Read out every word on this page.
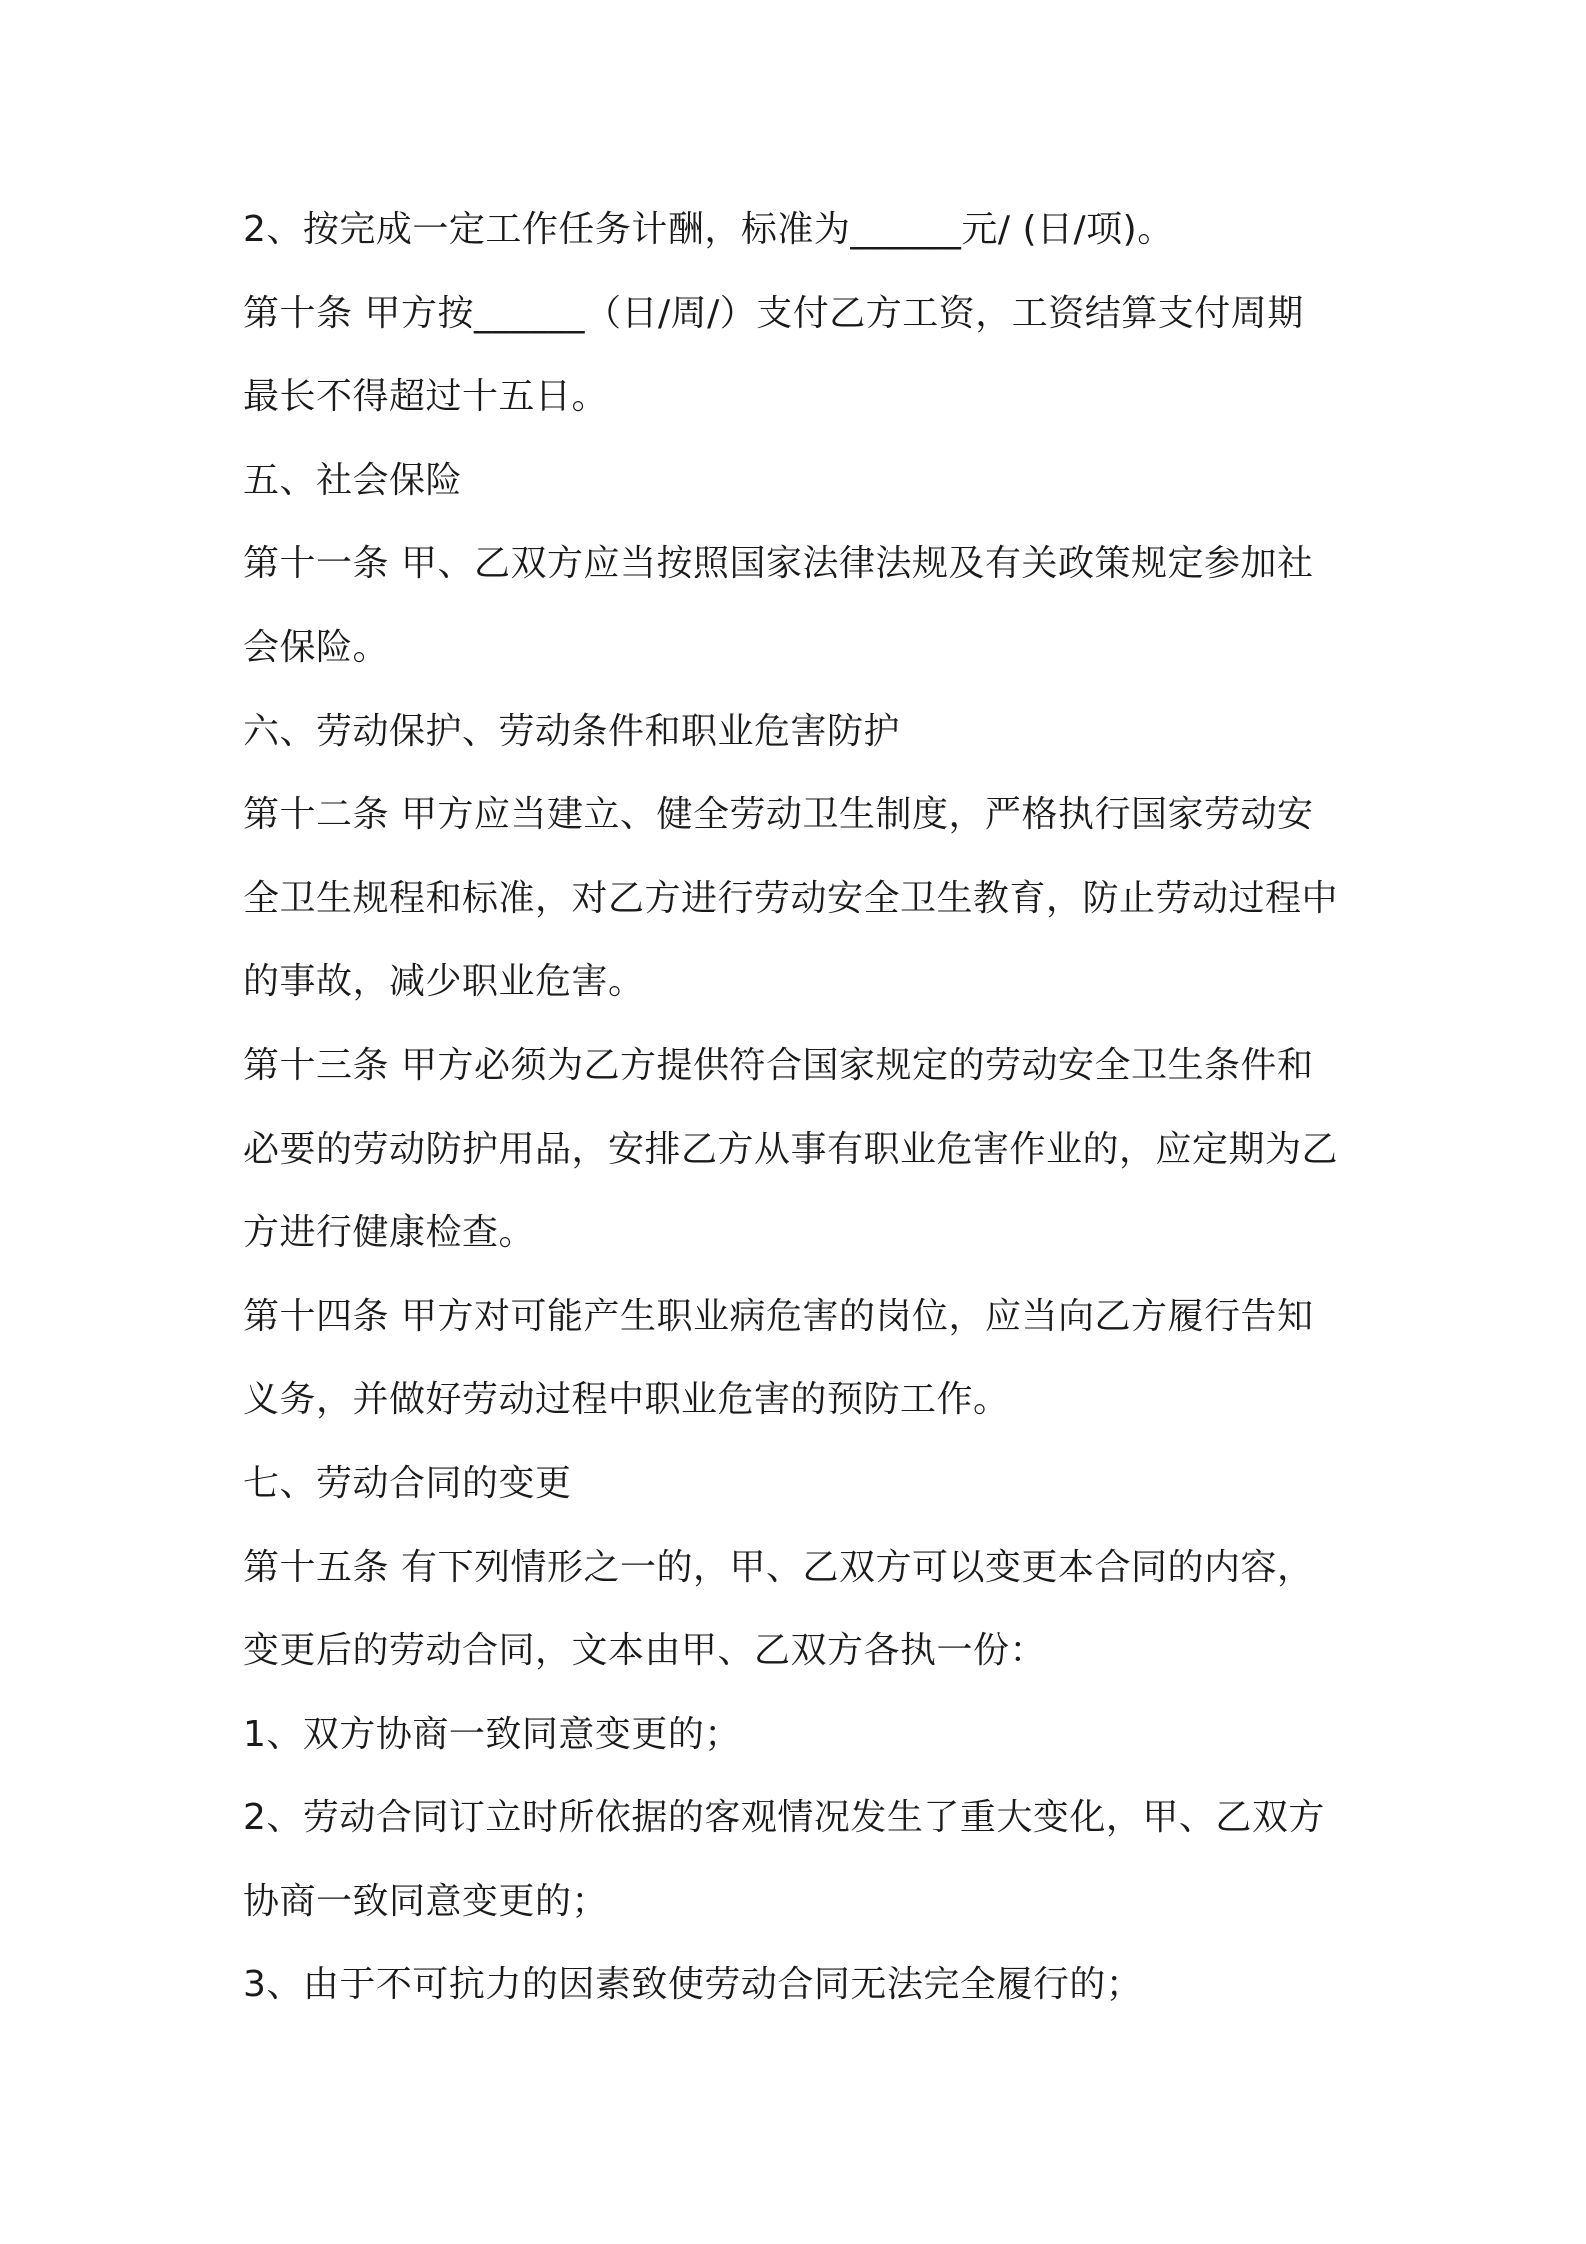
2、按完成一定工作任务计酬，标准为______元/ (日/项)。
第十条 甲方按______（日/周/）支付乙方工资，工资结算支付周期
最长不得超过十五日。
五、社会保险
第十一条 甲、乙双方应当按照国家法律法规及有关政策规定参加社
会保险。
六、劳动保护、劳动条件和职业危害防护
第十二条 甲方应当建立、健全劳动卫生制度，严格执行国家劳动安
全卫生规程和标准，对乙方进行劳动安全卫生教育，防止劳动过程中
的事故，减少职业危害。
第十三条 甲方必须为乙方提供符合国家规定的劳动安全卫生条件和
必要的劳动防护用品，安排乙方从事有职业危害作业的，应定期为乙
方进行健康检查。
第十四条 甲方对可能产生职业病危害的岗位，应当向乙方履行告知
义务，并做好劳动过程中职业危害的预防工作。
七、劳动合同的变更
第十五条 有下列情形之一的，甲、乙双方可以变更本合同的内容，
变更后的劳动合同，文本由甲、乙双方各执一份：
1、双方协商一致同意变更的；
2、劳动合同订立时所依据的客观情况发生了重大变化，甲、乙双方
协商一致同意变更的；
3、由于不可抗力的因素致使劳动合同无法完全履行的；
